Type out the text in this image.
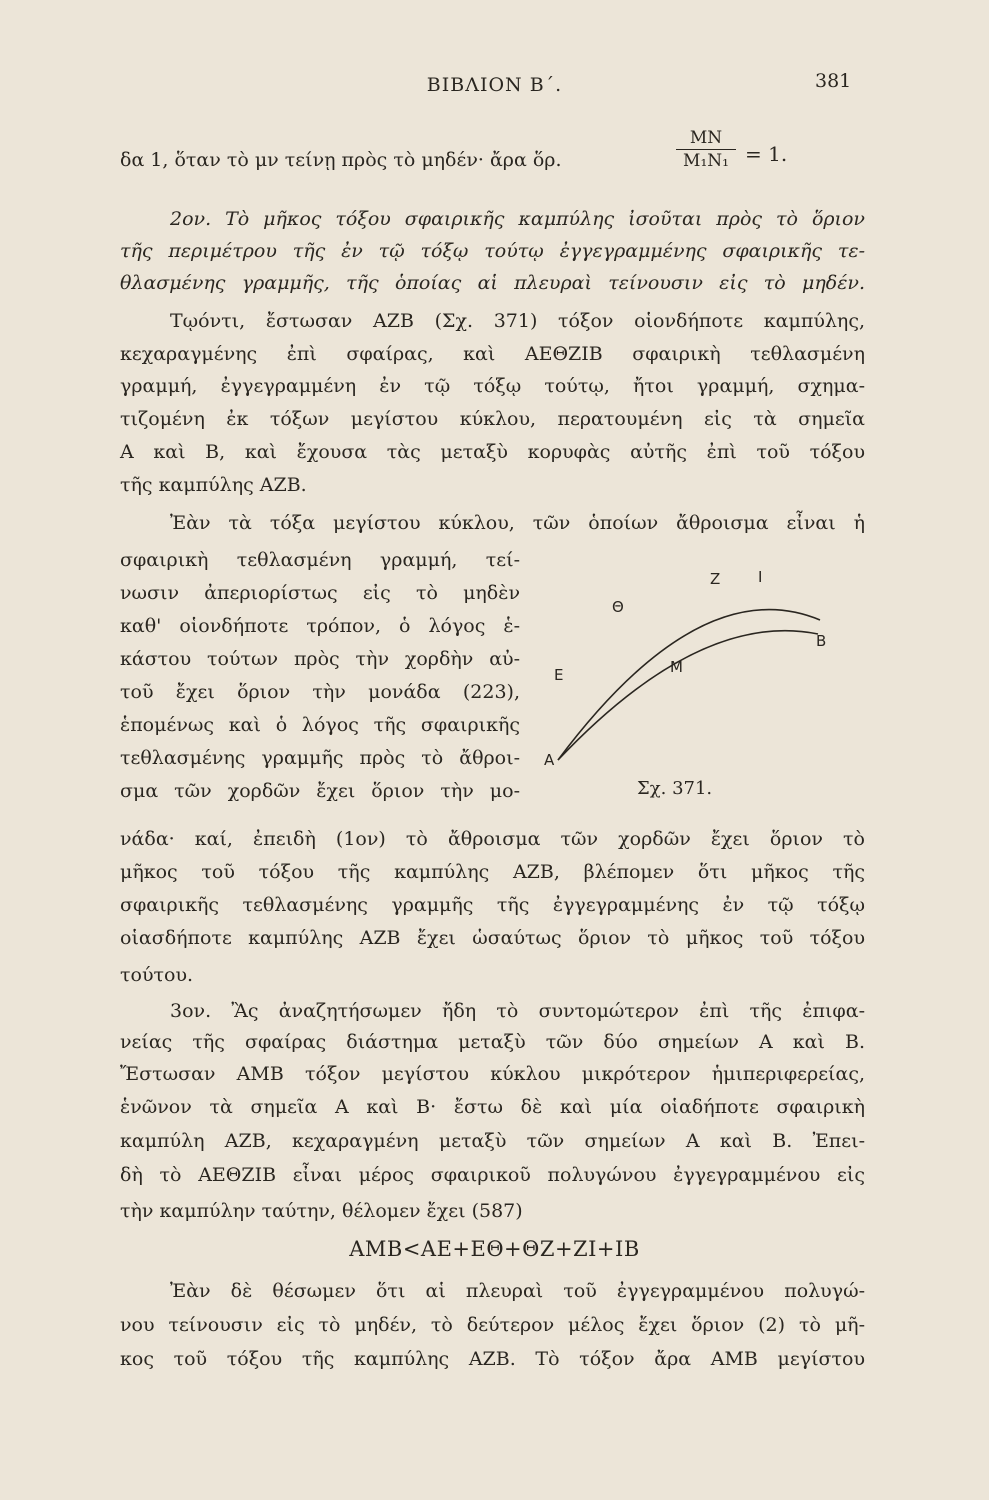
ΒΙΒΛΙΟΝ Β΄.	381
δα 1, ὅταν τὸ μν τείνῃ πρὸς τὸ μηδέν· ἄρα ὅρ.	$\frac{MN}{\text{M₁N₁}} = 1$.
2ον. Τὸ μῆκος τόξου σφαιρικῆς καμπύλης ἰσοῦται πρὸς τὸ ὅριον
τῆς περιμέτρου τῆς ἐν τῷ τόξῳ τούτῳ ἐγγεγραμμένης σφαιρικῆς τε-
θλασμένης γραμμῆς, τῆς ὁποίας αἱ πλευραὶ τείνουσιν εἰς τὸ μηδέν.
Τῳόντι, ἔστωσαν ΑΖΒ (Σχ. 371) τόξον οἱονδήποτε καμπύλης,
κεχαραγμένης ἐπὶ σφαίρας, καὶ ΑΕΘΖΙΒ σφαιρικὴ τεθλασμένη
γραμμή, ἐγγεγραμμένη ἐν τῷ τόξῳ τούτῳ, ἤτοι γραμμή, σχημα-
τιζομένη ἐκ τόξων μεγίστου κύκλου, περατουμένη εἰς τὰ σημεῖα
Α καὶ Β, καὶ ἔχουσα τὰς μεταξὺ κορυφὰς αὐτῆς ἐπὶ τοῦ τόξου
τῆς καμπύλης ΑΖΒ.
Ἐὰν τὰ τόξα μεγίστου κύκλου, τῶν ὁποίων ἄθροισμα εἶναι ἡ
σφαιρικὴ τεθλασμένη γραμμή, τεί-
νωσιν ἀπεριορίστως εἰς τὸ μηδὲν
καθ' οἱονδήποτε τρόπον, ὁ λόγος ἑ-
κάστου τούτων πρὸς τὴν χορδὴν αὐ-
τοῦ ἔχει ὅριον τὴν μονάδα (223),
ἑπομένως καὶ ὁ λόγος τῆς σφαιρικῆς
τεθλασμένης γραμμῆς πρὸς τὸ ἄθροι-
σμα τῶν χορδῶν ἔχει ὅριον τὴν μο-
A
E
Θ
Z	I
B
M
Σχ. 371.
νάδα· καί, ἐπειδὴ (1ον) τὸ ἄθροισμα τῶν χορδῶν ἔχει ὅριον τὸ
μῆκος τοῦ τόξου τῆς καμπύλης ΑΖΒ, βλέπομεν ὅτι μῆκος τῆς
σφαιρικῆς τεθλασμένης γραμμῆς τῆς ἐγγεγραμμένης ἐν τῷ τόξῳ
οἱασδήποτε καμπύλης ΑΖΒ ἔχει ὡσαύτως ὅριον τὸ μῆκος τοῦ τόξου
τούτου.
3ον. Ἂς ἀναζητήσωμεν ἤδη τὸ συντομώτερον ἐπὶ τῆς ἐπιφα-
νείας τῆς σφαίρας διάστημα μεταξὺ τῶν δύο σημείων Α καὶ Β.
Ἔστωσαν ΑΜΒ τόξον μεγίστου κύκλου μικρότερον ἡμιπεριφερείας,
ἑνῶνον τὰ σημεῖα Α καὶ Β· ἔστω δὲ καὶ μία οἱαδήποτε σφαιρικὴ
καμπύλη ΑΖΒ, κεχαραγμένη μεταξὺ τῶν σημείων Α καὶ Β. Ἐπει-
δὴ τὸ ΑΕΘΖΙΒ εἶναι μέρος σφαιρικοῦ πολυγώνου ἐγγεγραμμένου εἰς
τὴν καμπύλην ταύτην, θέλομεν ἔχει (587)
AMB<AE+EΘ+ΘZ+ZI+IB
Ἐὰν δὲ θέσωμεν ὅτι αἱ πλευραὶ τοῦ ἐγγεγραμμένου πολυγώ-
νου τείνουσιν εἰς τὸ μηδέν, τὸ δεύτερον μέλος ἔχει ὅριον (2) τὸ μῆ-
κος τοῦ τόξου τῆς καμπύλης ΑΖΒ. Τὸ τόξον ἄρα ΑΜΒ μεγίστου
